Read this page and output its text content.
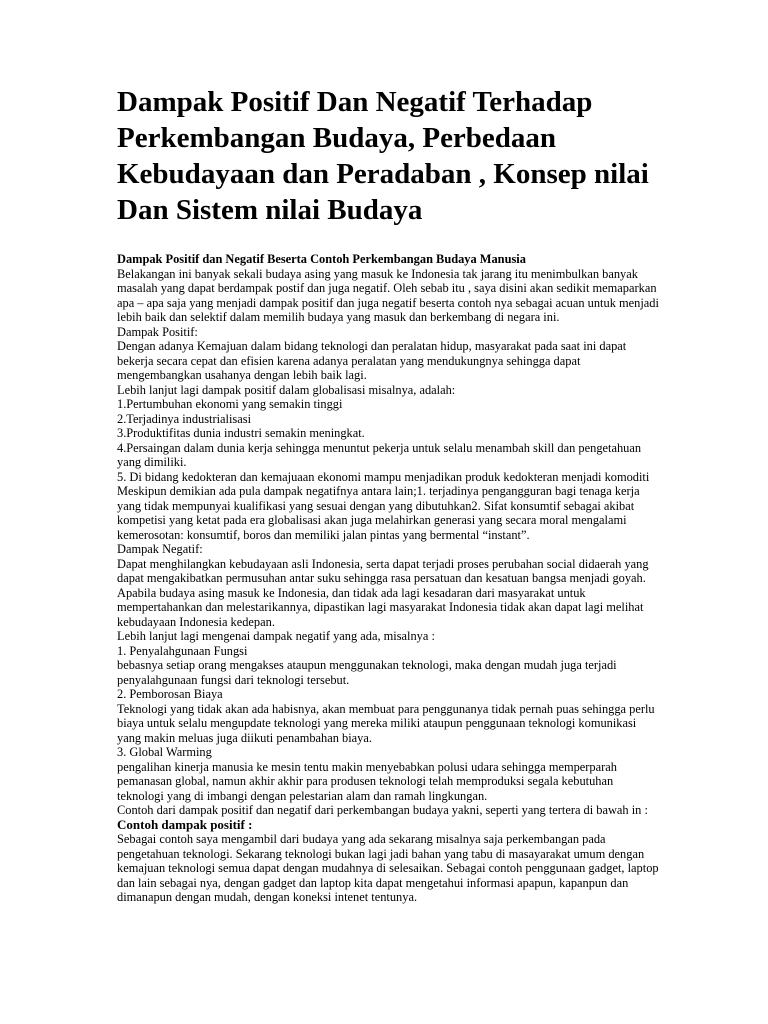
Dampak Positif Dan Negatif Terhadap Perkembangan Budaya, Perbedaan Kebudayaan dan Peradaban , Konsep nilai Dan Sistem nilai Budaya

Dampak Positif dan Negatif Beserta Contoh Perkembangan Budaya Manusia

Belakangan ini banyak sekali budaya asing yang masuk ke Indonesia tak jarang itu menimbulkan banyak masalah yang dapat berdampak postif dan juga negatif. Oleh sebab itu , saya disini akan sedikit memaparkan apa – apa saja yang menjadi dampak positif dan juga negatif beserta contoh nya sebagai acuan untuk menjadi lebih baik dan selektif dalam memilih budaya yang masuk dan berkembang di negara ini.

Dampak Positif:

Dengan adanya Kemajuan dalam bidang teknologi dan peralatan hidup, masyarakat pada saat ini dapat bekerja secara cepat dan efisien karena adanya peralatan yang mendukungnya sehingga dapat mengembangkan usahanya dengan lebih baik lagi.

Lebih lanjut lagi dampak positif dalam globalisasi misalnya, adalah:

1.Pertumbuhan ekonomi yang semakin tinggi

2.Terjadinya industrialisasi

3.Produktifitas dunia industri semakin meningkat.

4.Persaingan dalam dunia kerja sehingga menuntut pekerja untuk selalu menambah skill dan pengetahuan yang dimiliki.

5. Di bidang kedokteran dan kemajuaan ekonomi mampu menjadikan produk kedokteran menjadi komoditi Meskipun demikian ada pula dampak negatifnya antara lain;1. terjadinya pengangguran bagi tenaga kerja yang tidak mempunyai kualifikasi yang sesuai dengan yang dibutuhkan2. Sifat konsumtif sebagai akibat kompetisi yang ketat pada era globalisasi akan juga melahirkan generasi yang secara moral mengalami kemerosotan: konsumtif, boros dan memiliki jalan pintas yang bermental “instant”.

Dampak Negatif:

Dapat menghilangkan kebudayaan asli Indonesia, serta dapat terjadi proses perubahan social didaerah yang dapat mengakibatkan permusuhan antar suku sehingga rasa persatuan dan kesatuan bangsa menjadi goyah.

Apabila budaya asing masuk ke Indonesia, dan tidak ada lagi kesadaran dari masyarakat untuk mempertahankan dan melestarikannya, dipastikan lagi masyarakat Indonesia tidak akan dapat lagi melihat kebudayaan Indonesia kedepan.

Lebih lanjut lagi mengenai dampak negatif yang ada, misalnya :

1. Penyalahgunaan Fungsi

bebasnya setiap orang mengakses ataupun menggunakan teknologi, maka dengan mudah juga terjadi penyalahgunaan fungsi dari teknologi tersebut.

2. Pemborosan Biaya

Teknologi yang tidak akan ada habisnya, akan membuat para penggunanya tidak pernah puas sehingga perlu biaya untuk selalu mengupdate teknologi yang mereka miliki ataupun penggunaan teknologi komunikasi yang makin meluas juga diikuti penambahan biaya.

3. Global Warming

pengalihan kinerja manusia ke mesin tentu makin menyebabkan polusi udara sehingga memperparah pemanasan global, namun akhir akhir para produsen teknologi telah memproduksi segala kebutuhan teknologi yang di imbangi dengan pelestarian alam dan ramah lingkungan.

Contoh dari dampak positif dan negatif dari perkembangan budaya yakni, seperti yang tertera di bawah in :

Contoh dampak positif :

Sebagai contoh saya mengambil dari budaya yang ada sekarang misalnya saja perkembangan pada pengetahuan teknologi. Sekarang teknologi bukan lagi jadi bahan yang tabu di masayarakat umum dengan kemajuan teknologi semua dapat dengan mudahnya di selesaikan. Sebagai contoh penggunaan gadget, laptop dan lain sebagai nya, dengan gadget dan laptop kita dapat mengetahui informasi apapun, kapanpun dan dimanapun dengan mudah, dengan koneksi intenet tentunya.
